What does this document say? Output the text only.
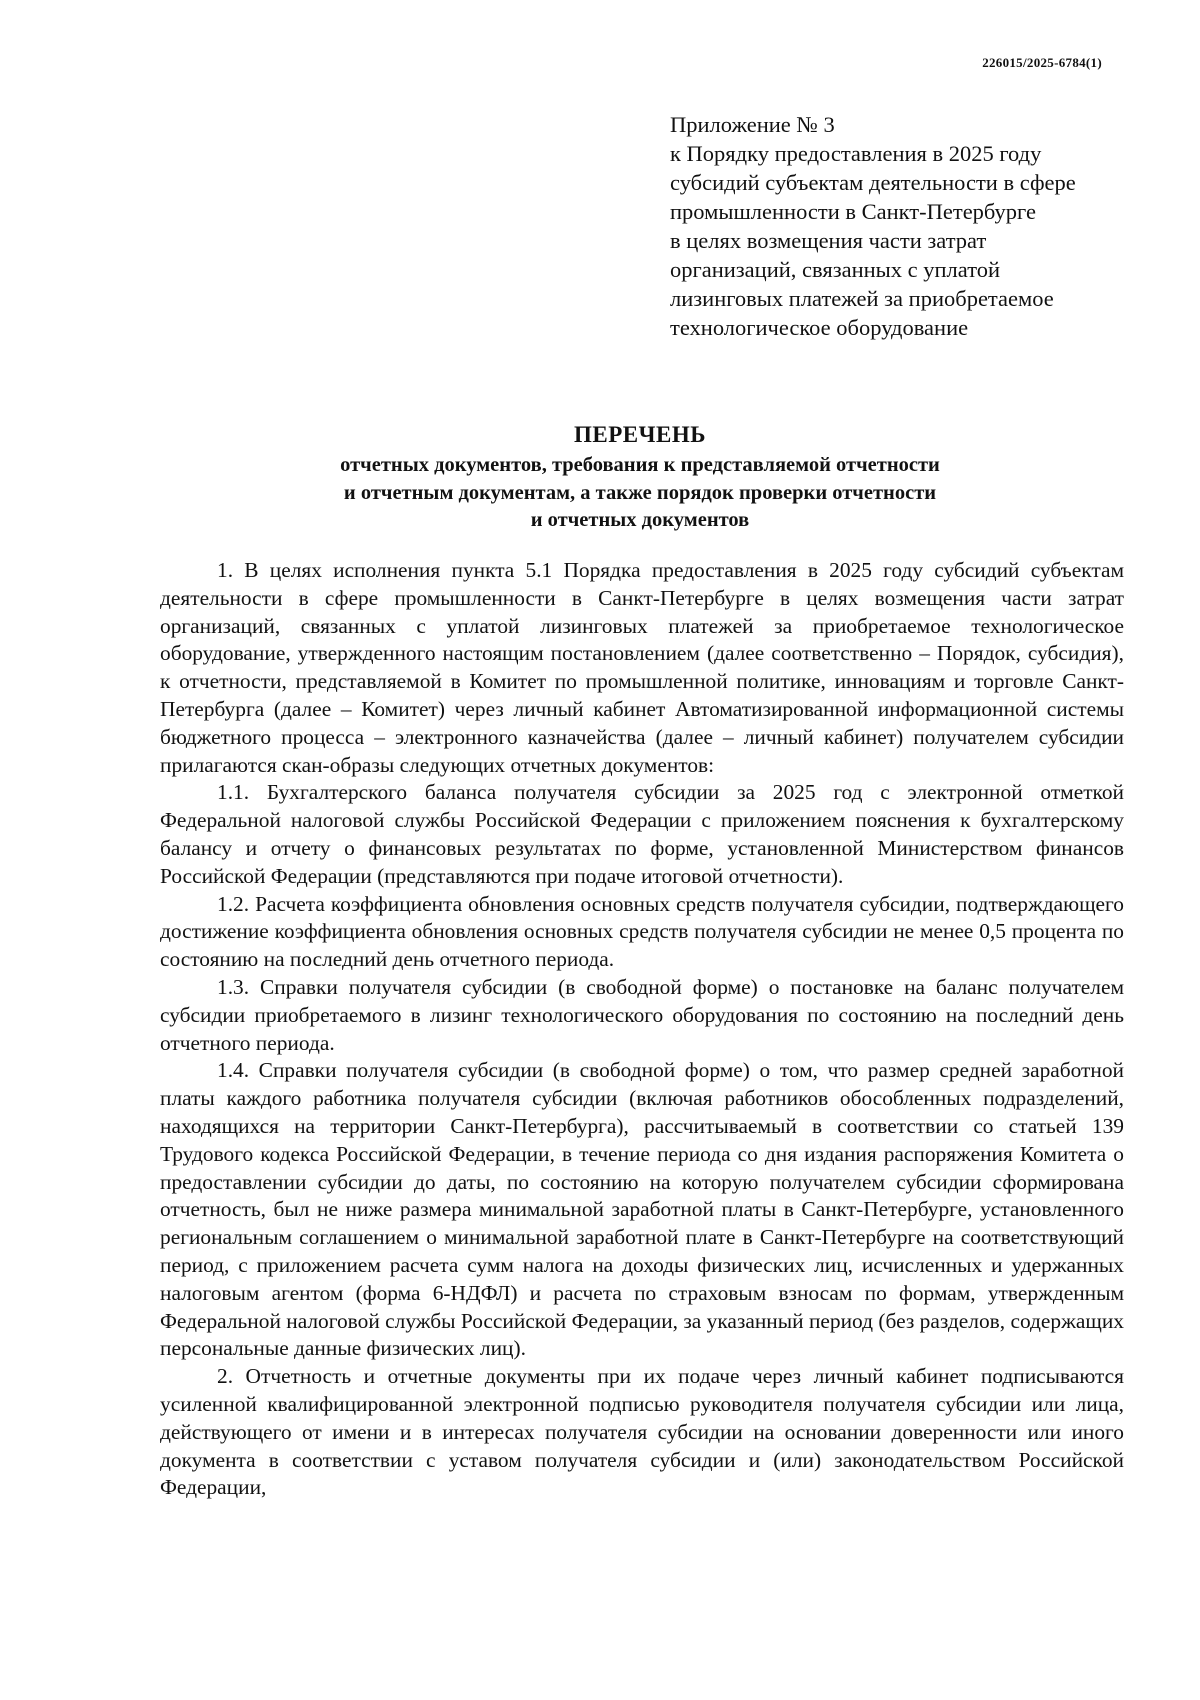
226015/2025-6784(1)
Приложение № 3
к Порядку предоставления в 2025 году
субсидий субъектам деятельности в сфере
промышленности в Санкт-Петербурге
в целях возмещения части затрат
организаций, связанных с уплатой
лизинговых платежей за приобретаемое
технологическое оборудование
ПЕРЕЧЕНЬ
отчетных документов, требования к представляемой отчетности
и отчетным документам, а также порядок проверки отчетности
и отчетных документов

1. В целях исполнения пункта 5.1 Порядка предоставления в 2025 году субсидий субъектам деятельности в сфере промышленности в Санкт-Петербурге в целях возмещения части затрат организаций, связанных с уплатой лизинговых платежей за приобретаемое технологическое оборудование, утвержденного настоящим постановлением (далее соответственно – Порядок, субсидия), к отчетности, представляемой в Комитет по промышленной политике, инновациям и торговле Санкт-Петербурга (далее – Комитет) через личный кабинет Автоматизированной информационной системы бюджетного процесса – электронного казначейства (далее – личный кабинет) получателем субсидии прилагаются скан-образы следующих отчетных документов:

1.1. Бухгалтерского баланса получателя субсидии за 2025 год с электронной отметкой Федеральной налоговой службы Российской Федерации с приложением пояснения к бухгалтерскому балансу и отчету о финансовых результатах по форме, установленной Министерством финансов Российской Федерации (представляются при подаче итоговой отчетности).

1.2. Расчета коэффициента обновления основных средств получателя субсидии, подтверждающего достижение коэффициента обновления основных средств получателя субсидии не менее 0,5 процента по состоянию на последний день отчетного периода.

1.3. Справки получателя субсидии (в свободной форме) о постановке на баланс получателем субсидии приобретаемого в лизинг технологического оборудования по состоянию на последний день отчетного периода.

1.4. Справки получателя субсидии (в свободной форме) о том, что размер средней заработной платы каждого работника получателя субсидии (включая работников обособленных подразделений, находящихся на территории Санкт-Петербурга), рассчитываемый в соответствии со статьей 139 Трудового кодекса Российской Федерации, в течение периода со дня издания распоряжения Комитета о предоставлении субсидии до даты, по состоянию на которую получателем субсидии сформирована отчетность, был не ниже размера минимальной заработной платы в Санкт-Петербурге, установленного региональным соглашением о минимальной заработной плате в Санкт-Петербурге на соответствующий период, с приложением расчета сумм налога на доходы физических лиц, исчисленных и удержанных налоговым агентом (форма 6-НДФЛ) и расчета по страховым взносам по формам, утвержденным Федеральной налоговой службы Российской Федерации, за указанный период (без разделов, содержащих персональные данные физических лиц).

2. Отчетность и отчетные документы при их подаче через личный кабинет подписываются усиленной квалифицированной электронной подписью руководителя получателя субсидии или лица, действующего от имени и в интересах получателя субсидии на основании доверенности или иного документа в соответствии с уставом получателя субсидии и (или) законодательством Российской Федерации,
